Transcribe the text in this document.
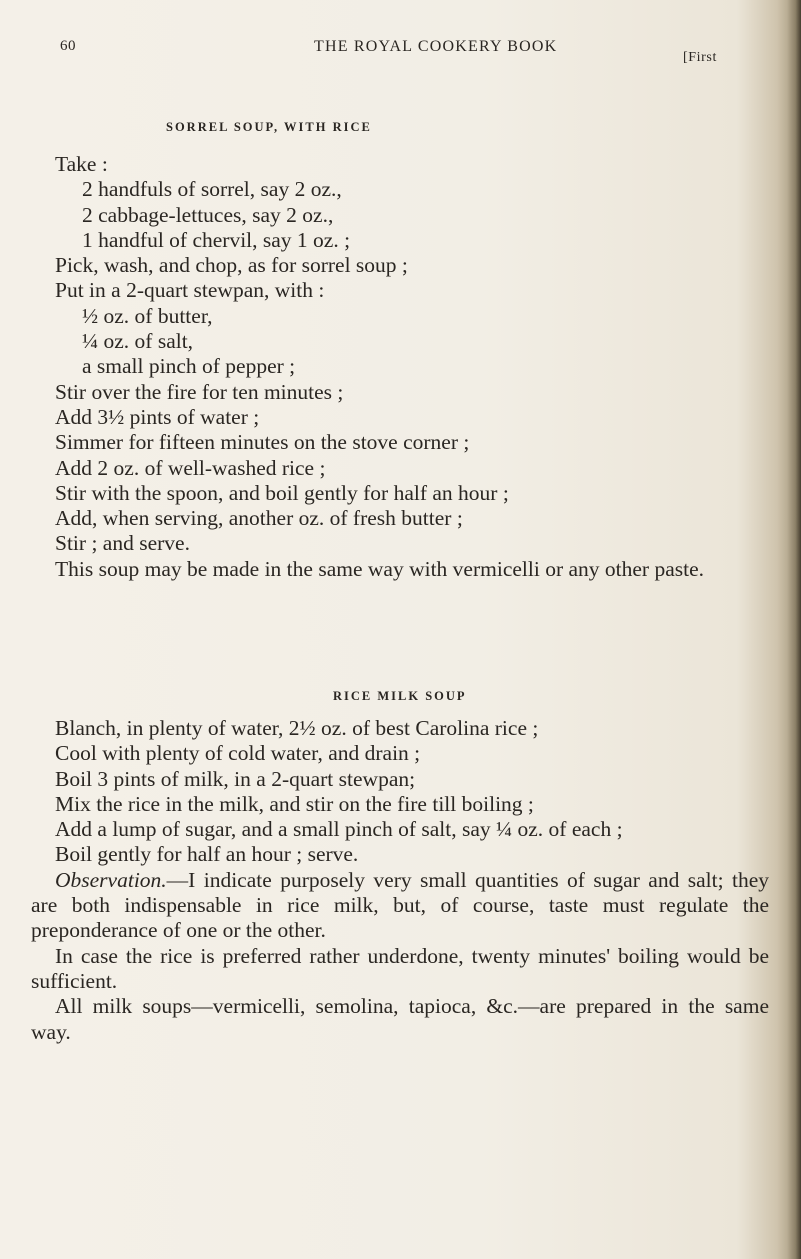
60	THE ROYAL COOKERY BOOK
[First
SORREL SOUP, WITH RICE
Take :
2 handfuls of sorrel, say 2 oz.,
2 cabbage-lettuces, say 2 oz.,
1 handful of chervil, say 1 oz. ;
Pick, wash, and chop, as for sorrel soup ;
Put in a 2-quart stewpan, with :
½ oz. of butter,
¼ oz. of salt,
a small pinch of pepper ;
Stir over the fire for ten minutes ;
Add 3½ pints of water ;
Simmer for fifteen minutes on the stove corner ;
Add 2 oz. of well-washed rice ;
Stir with the spoon, and boil gently for half an hour ;
Add, when serving, another oz. of fresh butter ;
Stir ; and serve.
This soup may be made in the same way with vermicelli or any other paste.
RICE MILK SOUP
Blanch, in plenty of water, 2½ oz. of best Carolina rice ;
Cool with plenty of cold water, and drain ;
Boil 3 pints of milk, in a 2-quart stewpan;
Mix the rice in the milk, and stir on the fire till boiling ;
Add a lump of sugar, and a small pinch of salt, say ¼ oz. of each ;
Boil gently for half an hour ; serve.
Observation.—I indicate purposely very small quantities of sugar and salt; they are both indispensable in rice milk, but, of course, taste must regulate the preponderance of one or the other.
In case the rice is preferred rather underdone, twenty minutes' boiling would be sufficient.
All milk soups—vermicelli, semolina, tapioca, &c.—are prepared in the same way.
